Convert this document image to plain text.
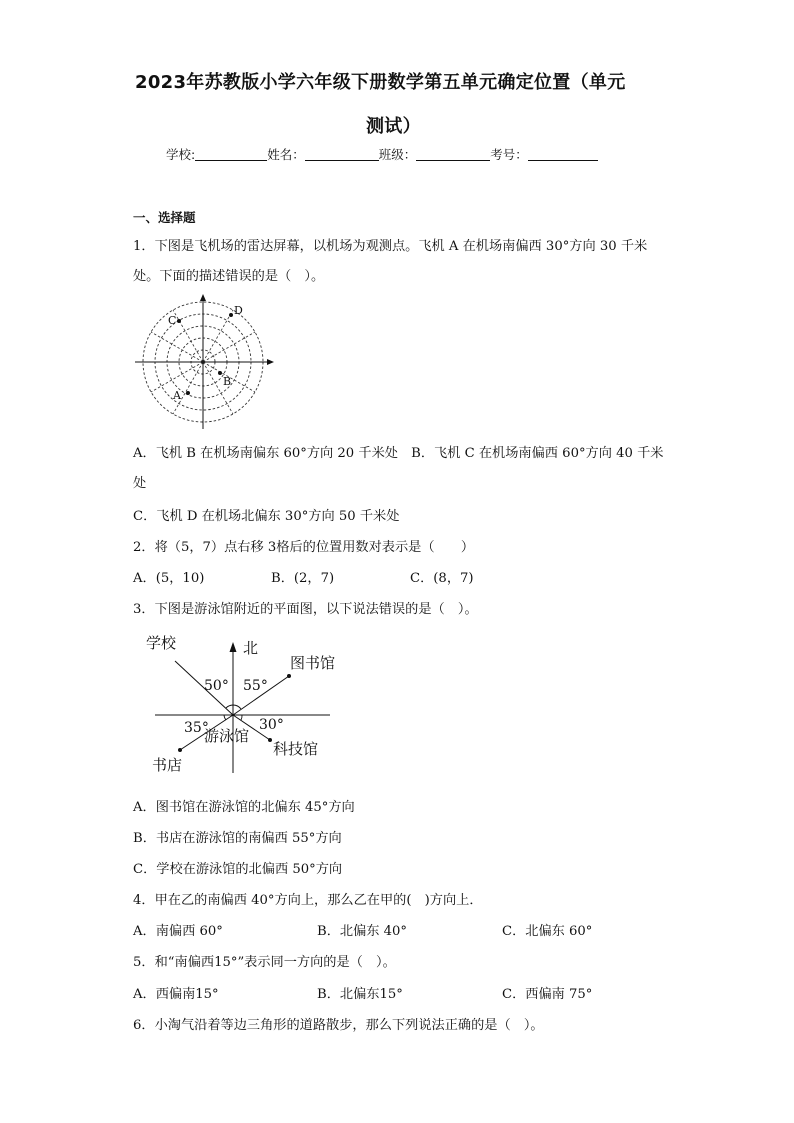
2023年苏教版小学六年级下册数学第五单元确定位置（单元
测试）
学校:	姓名：	班级：	考号：
一、选择题
1．下图是飞机场的雷达屏幕，以机场为观测点。飞机 A 在机场南偏西 30°方向 30 千米
处。下面的描述错误的是（　）。
D
C
B
A
A．飞机 B 在机场南偏东 60°方向 20 千米处　B．飞机 C 在机场南偏西 60°方向 40 千米
处
C．飞机 D 在机场北偏东 30°方向 50 千米处
2．将（5，7）点右移 3格后的位置用数对表示是（　　）
A．(5，10)	B．(2，7)	C．(8，7)
3．下图是游泳馆附近的平面图，以下说法错误的是（　）。
北
学校
图书馆
书店
游泳馆
科技馆
50° 55°
35°	30°
A．图书馆在游泳馆的北偏东 45°方向
B．书店在游泳馆的南偏西 55°方向
C．学校在游泳馆的北偏西 50°方向
4．甲在乙的南偏西 40°方向上，那么乙在甲的(　)方向上．
A．南偏西 60°	B．北偏东 40°	C．北偏东 60°
5．和“南偏西15°”表示同一方向的是（　）。
A．西偏南15°	B．北偏东15°	C．西偏南 75°
6．小淘气沿着等边三角形的道路散步，那么下列说法正确的是（　）。
